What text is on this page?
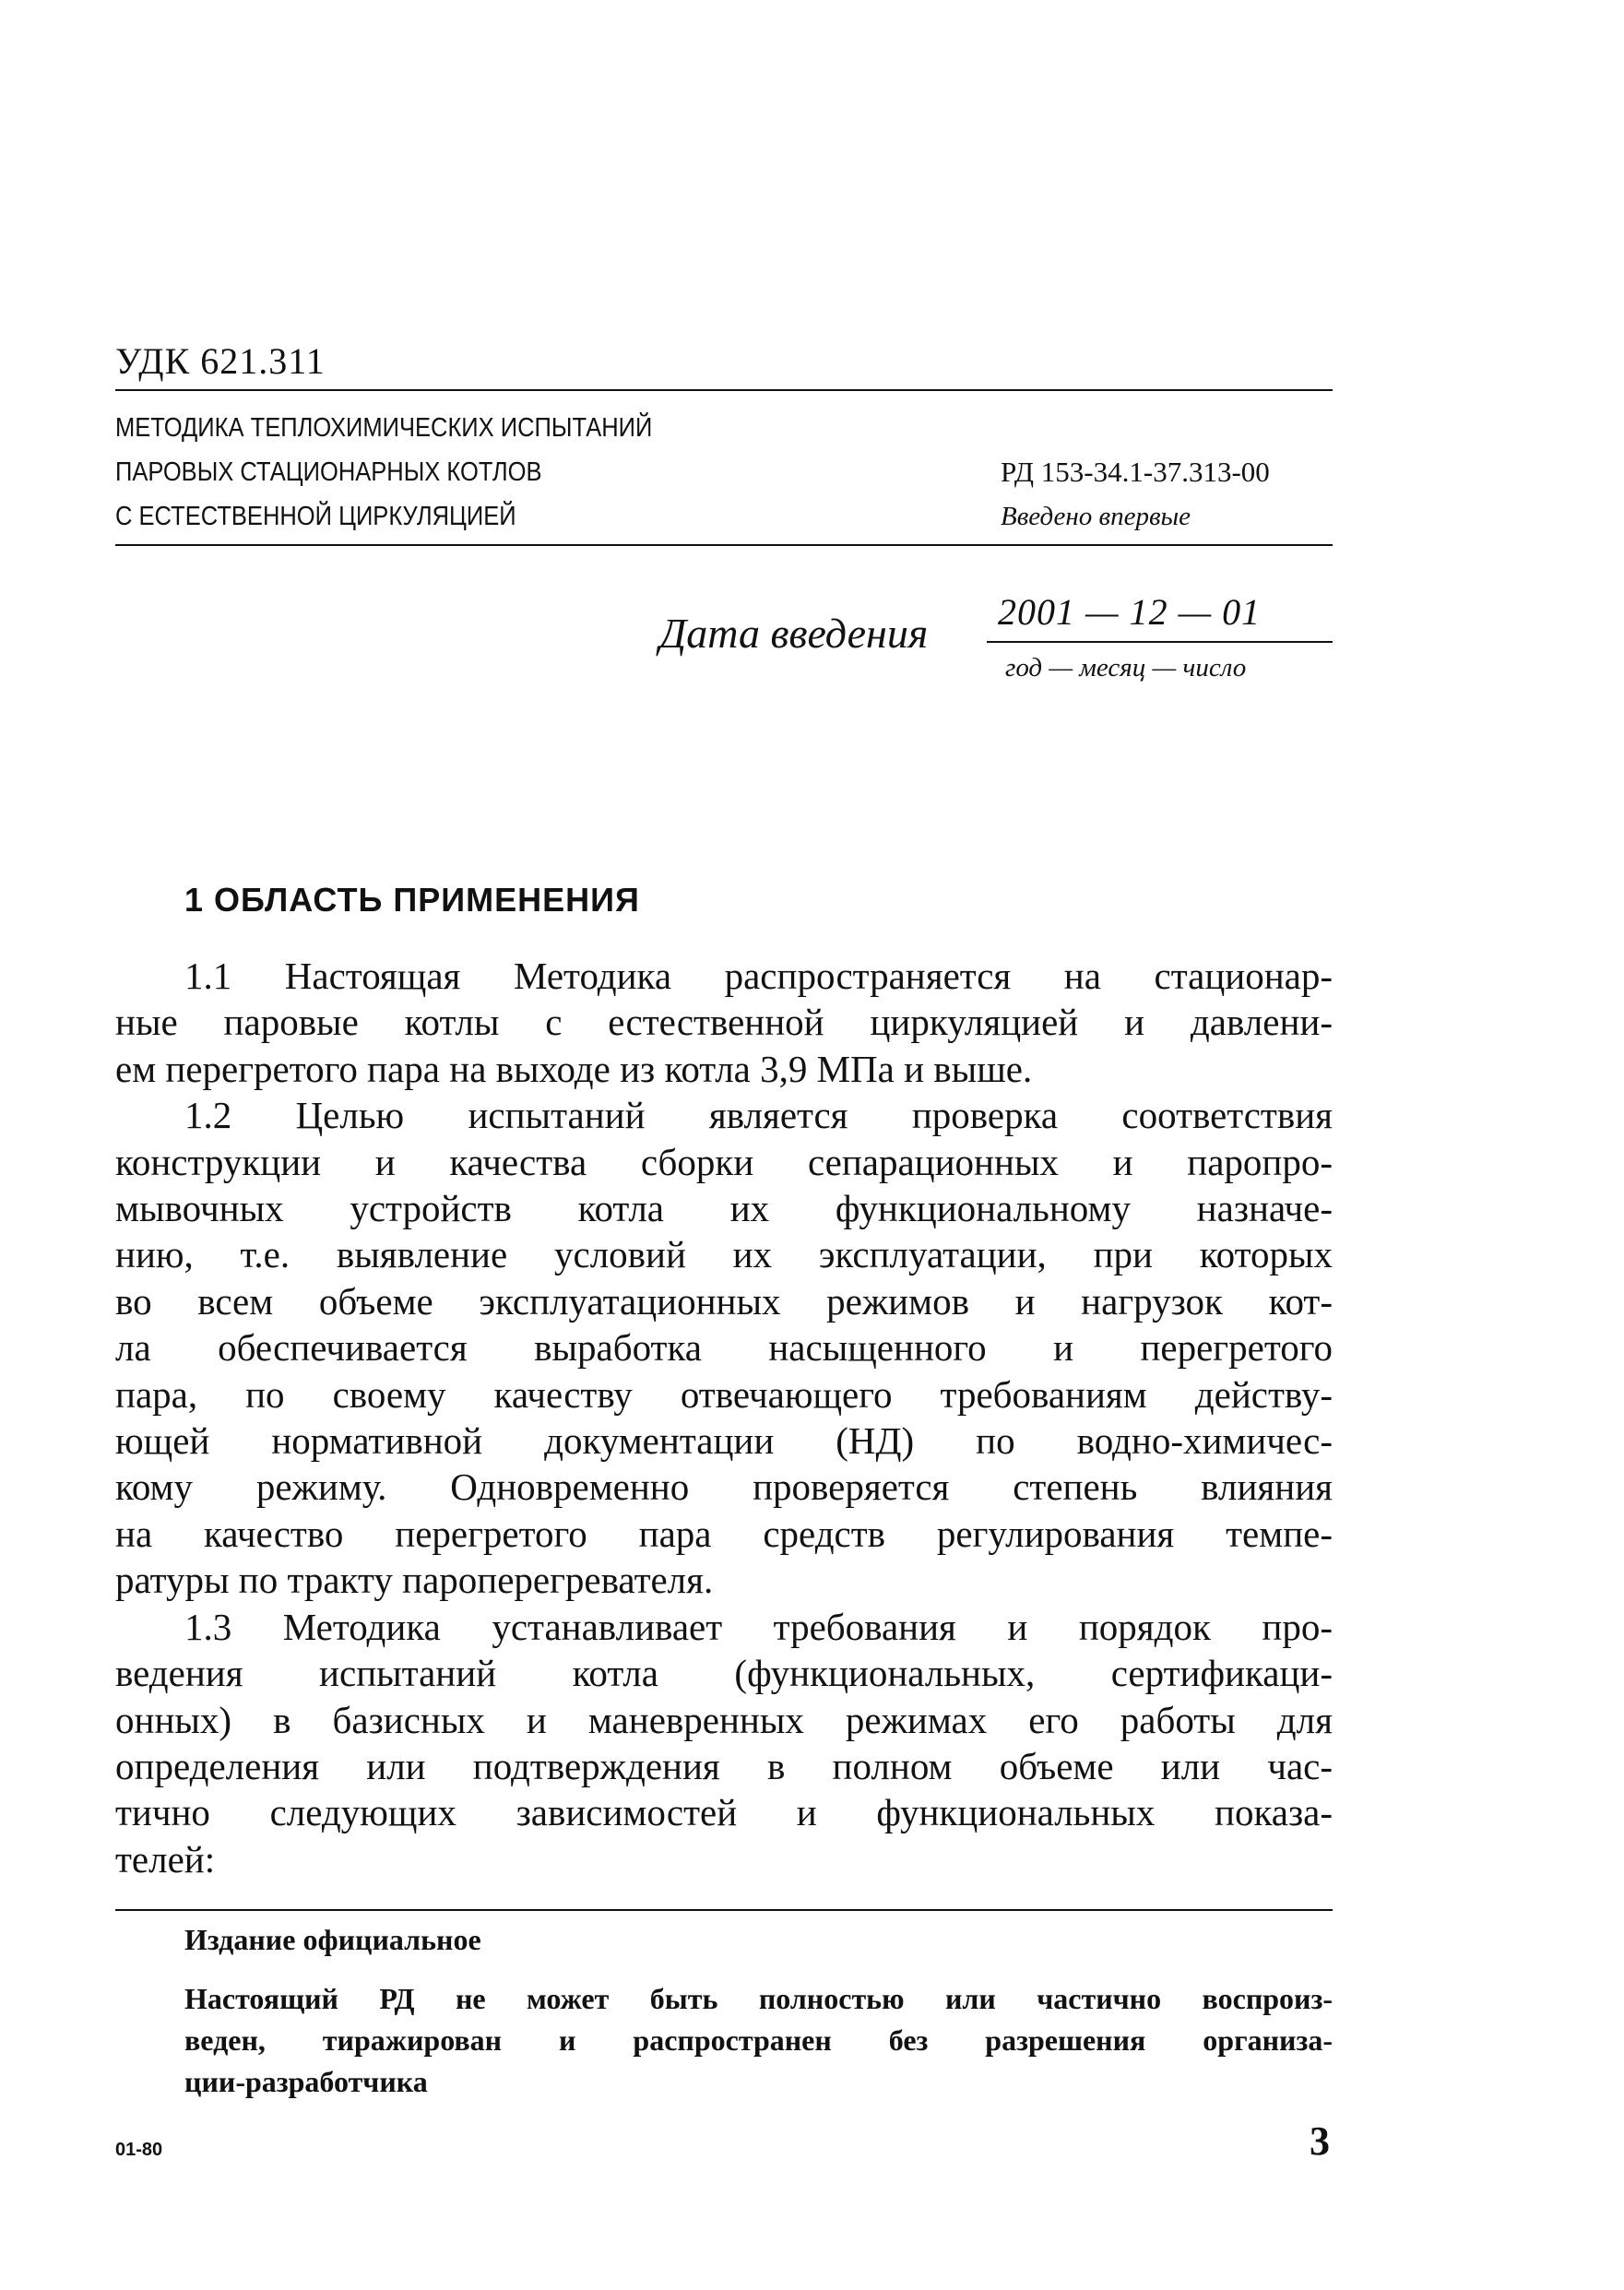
УДК 621.311
МЕТОДИКА ТЕПЛОХИМИЧЕСКИХ ИСПЫТАНИЙ
ПАРОВЫХ СТАЦИОНАРНЫХ КОТЛОВ
С ЕСТЕСТВЕННОЙ ЦИРКУЛЯЦИЕЙ
РД 153-34.1-37.313-00
Введено впервые
Дата введения 2001 — 12 — 01
год — месяц — число
1 ОБЛАСТЬ ПРИМЕНЕНИЯ
1.1 Настоящая Методика распространяется на стационар-
ные паровые котлы с естественной циркуляцией и давлени-
ем перегретого пара на выходе из котла 3,9 МПа и выше.
1.2 Целью испытаний является проверка соответствия
конструкции и качества сборки сепарационных и паропро-
мывочных устройств котла их функциональному назначе-
нию, т.е. выявление условий их эксплуатации, при которых
во всем объеме эксплуатационных режимов и нагрузок кот-
ла обеспечивается выработка насыщенного и перегретого
пара, по своему качеству отвечающего требованиям действу-
ющей нормативной документации (НД) по водно-химичес-
кому режиму. Одновременно проверяется степень влияния
на качество перегретого пара средств регулирования темпе-
ратуры по тракту пароперегревателя.
1.3 Методика устанавливает требования и порядок про-
ведения испытаний котла (функциональных, сертификаци-
онных) в базисных и маневренных режимах его работы для
определения или подтверждения в полном объеме или час-
тично следующих зависимостей и функциональных показа-
телей:
Издание официальное
Настоящий РД не может быть полностью или частично воспроиз-
веден, тиражирован и распространен без разрешения организа-
ции-разработчика
01-80	3
